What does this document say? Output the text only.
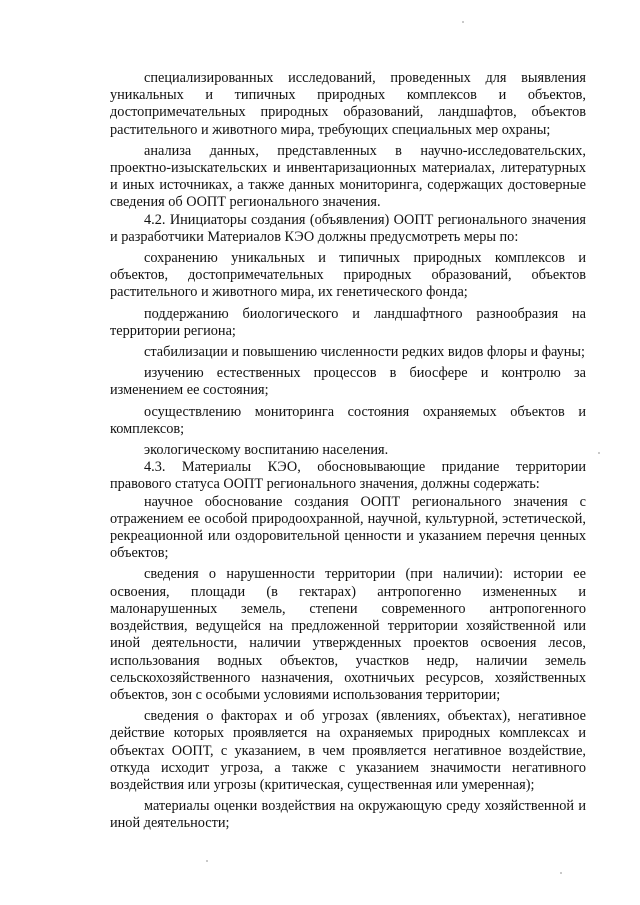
специализированных исследований, проведенных для выявления уникальных и типичных природных комплексов и объектов, достопримечательных природных образований, ландшафтов, объектов растительного и животного мира, требующих специальных мер охраны;

анализа данных, представленных в научно-исследовательских, проектно-изыскательских и инвентаризационных материалах, литературных и иных источниках, а также данных мониторинга, содержащих достоверные сведения об ООПТ регионального значения.

4.2. Инициаторы создания (объявления) ООПТ регионального значения и разработчики Материалов КЭО должны предусмотреть меры по:

сохранению уникальных и типичных природных комплексов и объектов, достопримечательных природных образований, объектов растительного и животного мира, их генетического фонда;

поддержанию биологического и ландшафтного разнообразия на территории региона;

стабилизации и повышению численности редких видов флоры и фауны;

изучению естественных процессов в биосфере и контролю за изменением ее состояния;

осуществлению мониторинга состояния охраняемых объектов и комплексов;

экологическому воспитанию населения.

4.3. Материалы КЭО, обосновывающие придание территории правового статуса ООПТ регионального значения, должны содержать:

научное обоснование создания ООПТ регионального значения с отражением ее особой природоохранной, научной, культурной, эстетической, рекреационной или оздоровительной ценности и указанием перечня ценных объектов;

сведения о нарушенности территории (при наличии): истории ее освоения, площади (в гектарах) антропогенно измененных и малонарушенных земель, степени современного антропогенного воздействия, ведущейся на предложенной территории хозяйственной или иной деятельности, наличии утвержденных проектов освоения лесов, использования водных объектов, участков недр, наличии земель сельскохозяйственного назначения, охотничьих ресурсов, хозяйственных объектов, зон с особыми условиями использования территории;

сведения о факторах и об угрозах (явлениях, объектах), негативное действие которых проявляется на охраняемых природных комплексах и объектах ООПТ, с указанием, в чем проявляется негативное воздействие, откуда исходит угроза, а также с указанием значимости негативного воздействия или угрозы (критическая, существенная или умеренная);

материалы оценки воздействия на окружающую среду хозяйственной и иной деятельности;
